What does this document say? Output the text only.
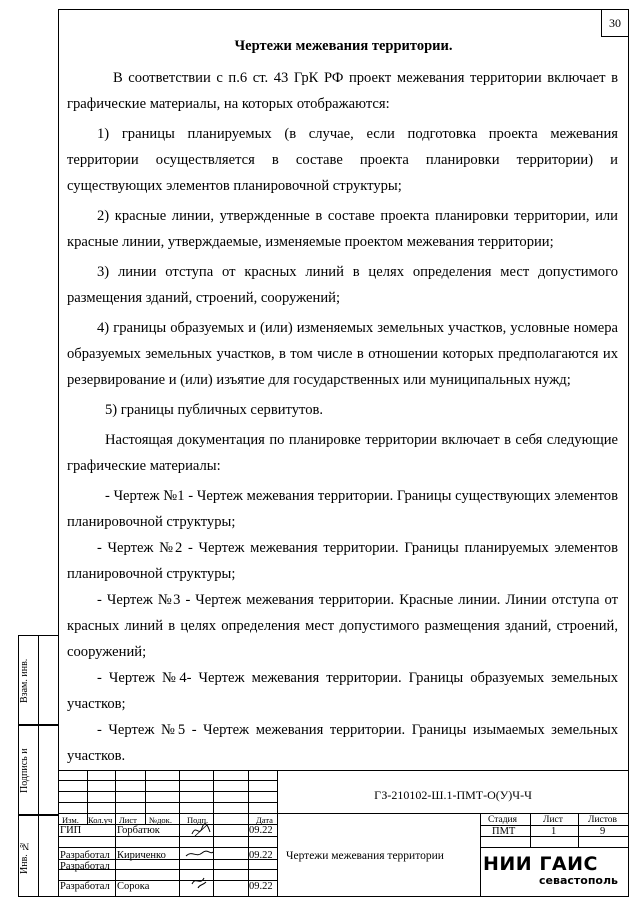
30
Чертежи межевания территории.

В соответствии с п.6 ст. 43 ГрК РФ проект межевания территории включает в графические материалы, на которых отображаются:

1) границы планируемых (в случае, если подготовка проекта межевания территории осуществляется в составе проекта планировки территории) и существующих элементов планировочной структуры;

2) красные линии, утвержденные в составе проекта планировки территории, или красные линии, утверждаемые, изменяемые проектом межевания территории;

3) линии отступа от красных линий в целях определения мест допустимого размещения зданий, строений, сооружений;

4) границы образуемых и (или) изменяемых земельных участков, условные номера образуемых земельных участков, в том числе в отношении которых предполагаются их резервирование и (или) изъятие для государственных или муниципальных нужд;

5) границы публичных сервитутов.

Настоящая документация по планировке территории включает в себя следующие графические материалы:

- Чертеж №1 - Чертеж межевания территории. Границы существующих элементов планировочной структуры;

- Чертеж №2 - Чертеж межевания территории. Границы планируемых элементов планировочной структуры;

- Чертеж №3 - Чертеж межевания территории. Красные линии. Линии отступа от красных линий в целях определения мест допустимого размещения зданий, строений, сооружений;

- Чертеж №4- Чертеж межевания территории. Границы образуемых земельных участков;

- Чертеж №5 - Чертеж межевания территории. Границы изымаемых земельных участков.

Взам. инв.
Подпись и
Инв. №
Изм. Кол.уч Лист №док. Подп.	Дата
ГЗ-210102-Ш.1-ПМТ-О(У)Ч-Ч
ГИП	Горбатюк	09.22
Разработал Кириченко	09.22
Разработал
Разработал Сорока	09.22
Чертежи межевания территории
Стадия	Лист	Листов
ПМТ	1	9
НИИ ГАИС
севастополь
